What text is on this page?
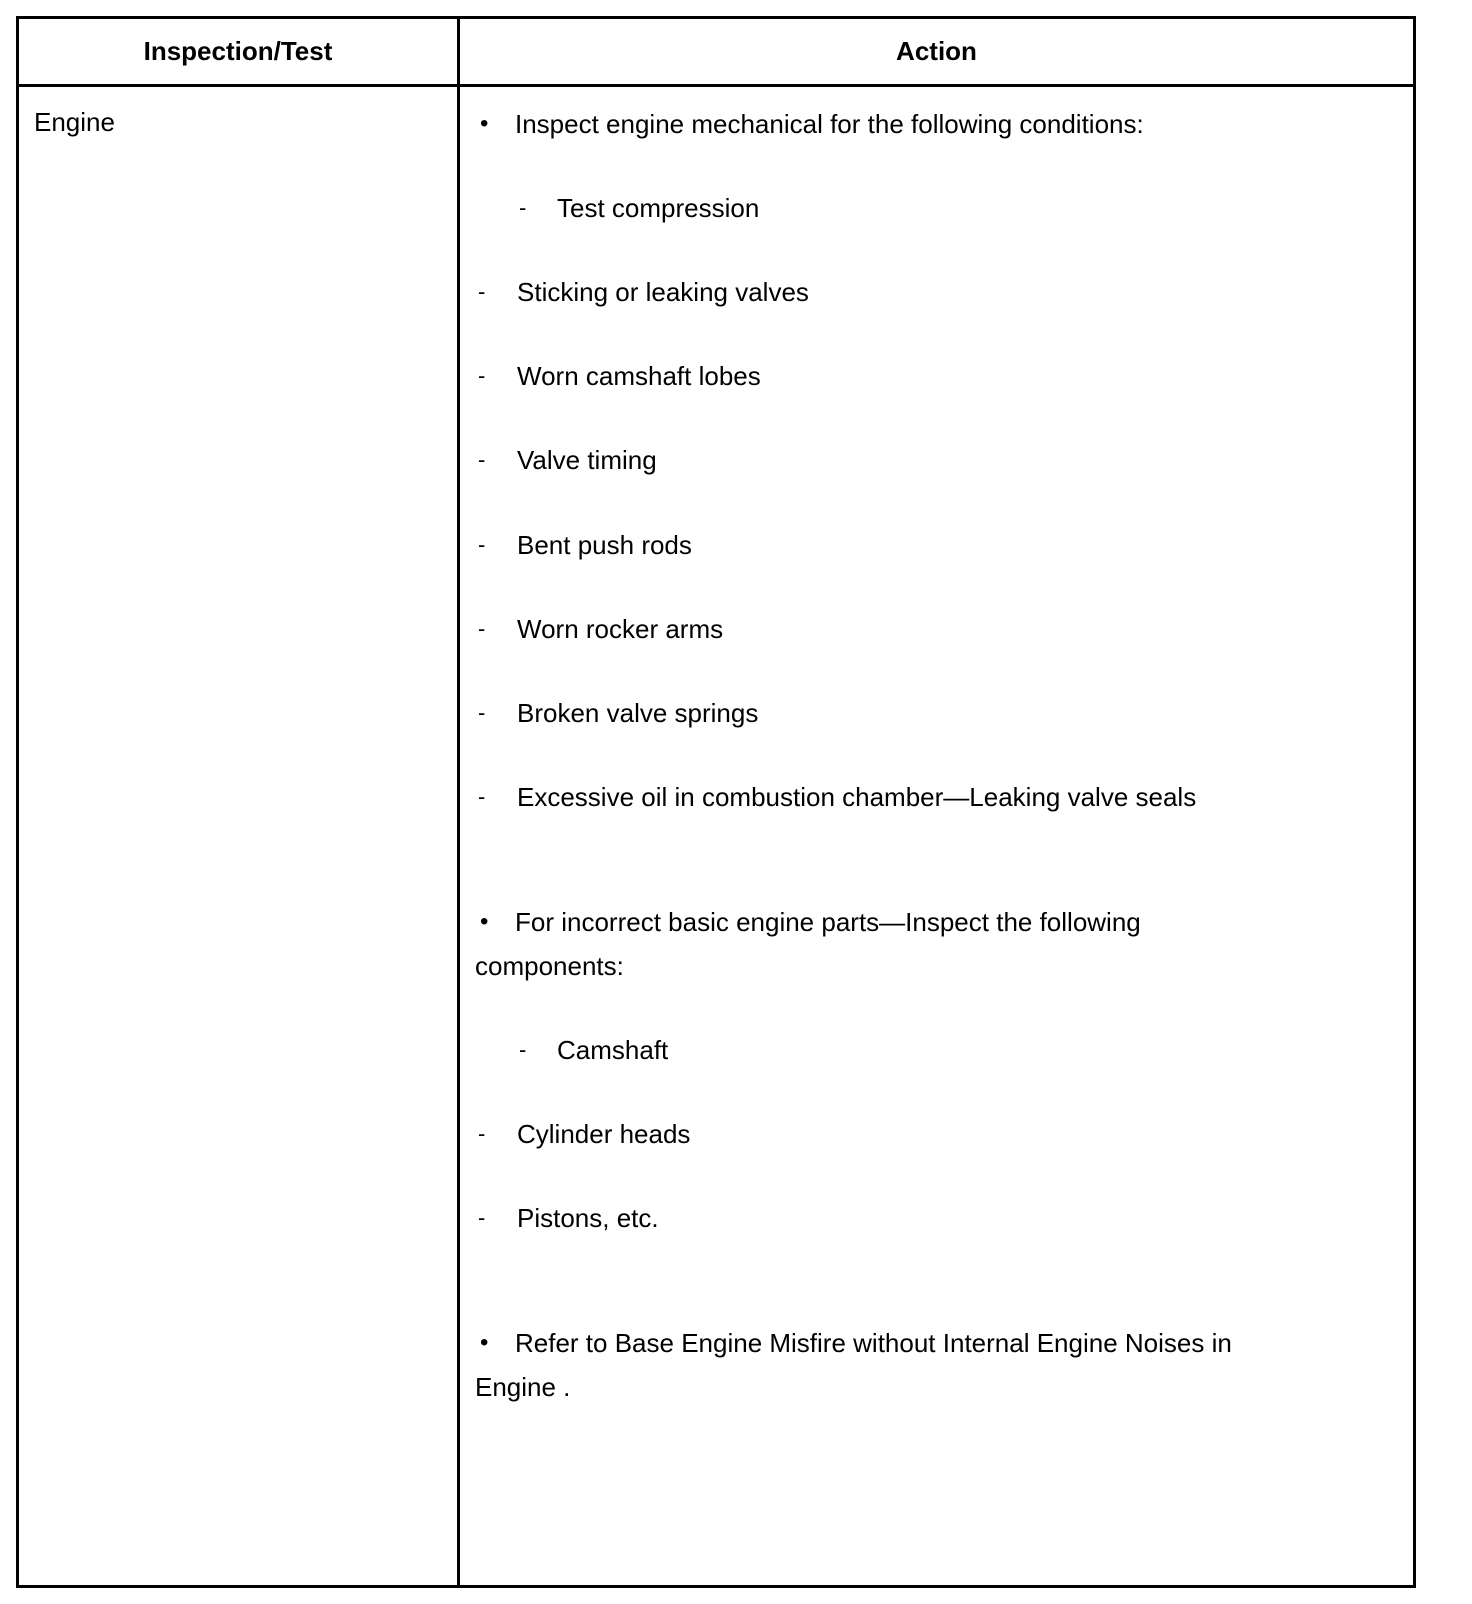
Inspection/Test	Action
Engine	• Inspect engine mechanical for the following conditions:
- Test compression
- Sticking or leaking valves
- Worn camshaft lobes
- Valve timing
- Bent push rods
- Worn rocker arms
- Broken valve springs
- Excessive oil in combustion chamber—Leaking valve seals
• For incorrect basic engine parts—Inspect the following
components:
- Camshaft
- Cylinder heads
- Pistons, etc.
• Refer to Base Engine Misfire without Internal Engine Noises in
Engine .
